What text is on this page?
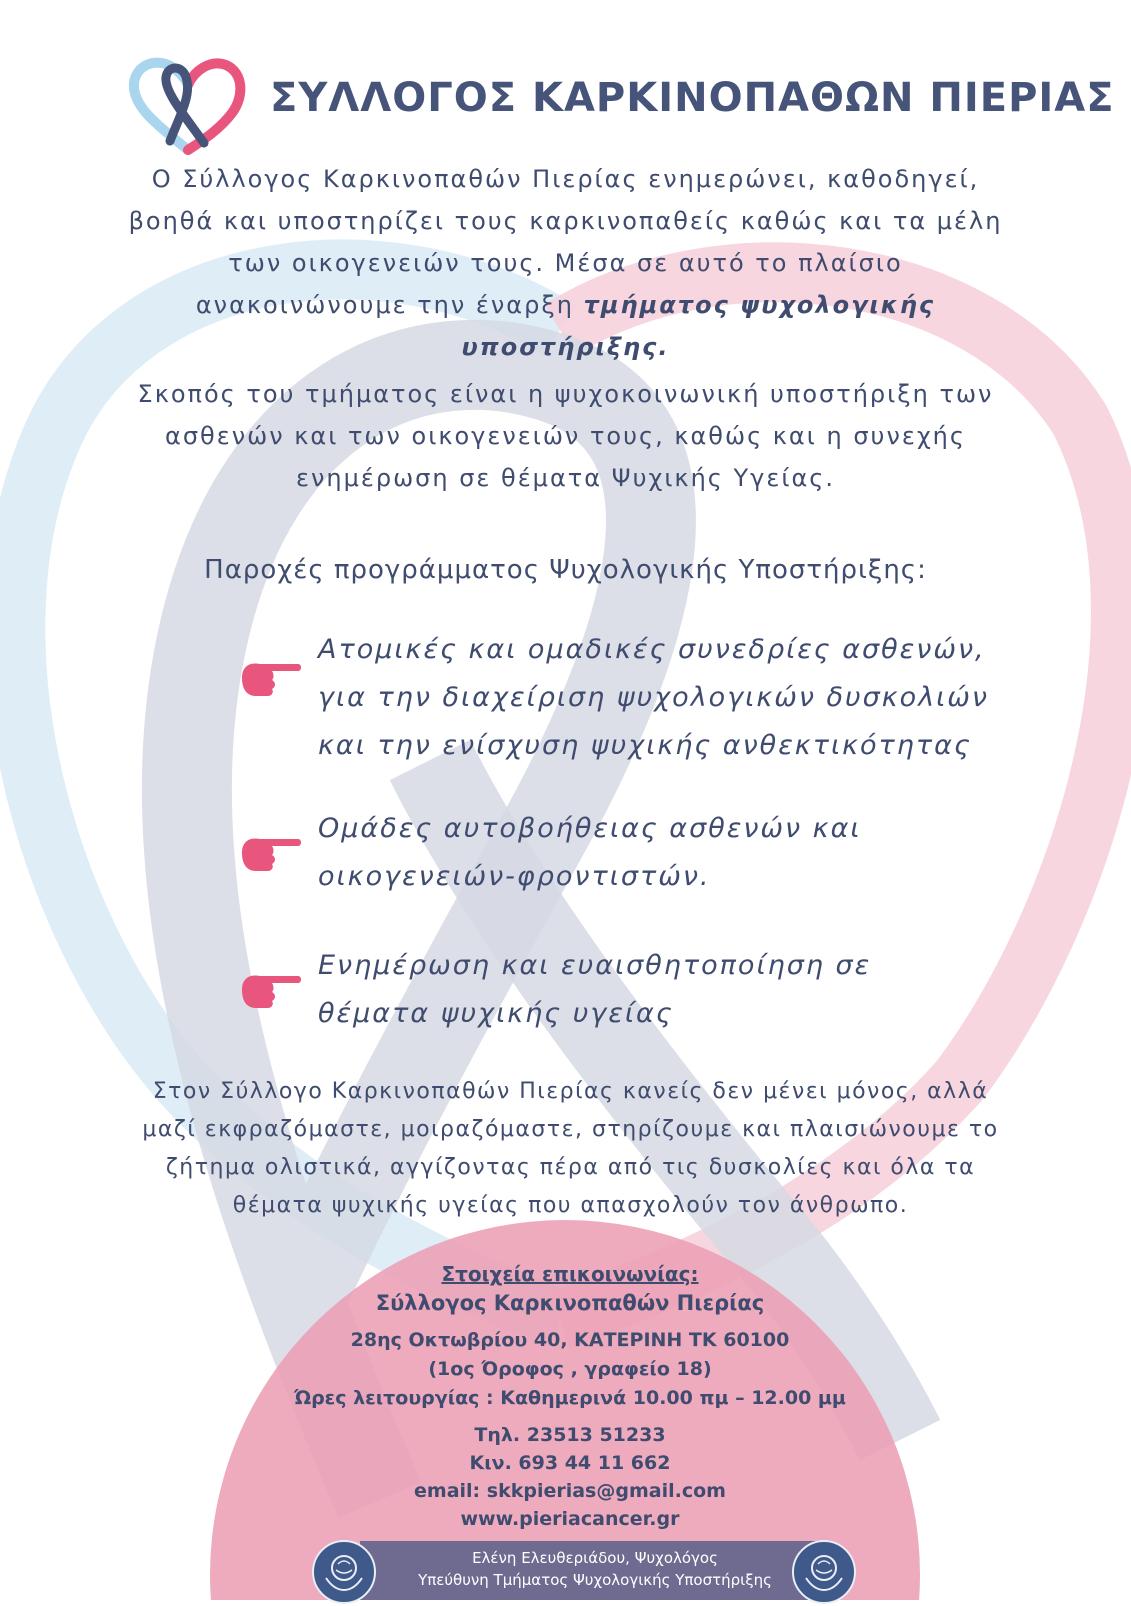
ΣΥΛΛΟΓΟΣ ΚΑΡΚΙΝΟΠΑΘΩΝ ΠΙΕΡΙΑΣ
Ο Σύλλογος Καρκινοπαθών Πιερίας ενημερώνει, καθοδηγεί, βοηθά και υποστηρίζει τους καρκινοπαθείς καθώς και τα μέλη των οικογενειών τους. Μέσα σε αυτό το πλαίσιο ανακοινώνουμε την έναρξη τμήματος ψυχολογικής υποστήριξης.
Σκοπός του τμήματος είναι η ψυχοκοινωνική υποστήριξη των ασθενών και των οικογενειών τους, καθώς και η συνεχής ενημέρωση σε θέματα Ψυχικής Υγείας.
Παροχές προγράμματος Ψυχολογικής Υποστήριξης:
Ατομικές και ομαδικές συνεδρίες ασθενών,
για την διαχείριση ψυχολογικών δυσκολιών
και την ενίσχυση ψυχικής ανθεκτικότητας
Ομάδες αυτοβοήθειας ασθενών και
οικογενειών-φροντιστών.
Ενημέρωση και ευαισθητοποίηση σε
θέματα ψυχικής υγείας
Στον Σύλλογο Καρκινοπαθών Πιερίας κανείς δεν μένει μόνος, αλλά μαζί εκφραζόμαστε, μοιραζόμαστε, στηρίζουμε και πλαισιώνουμε το ζήτημα ολιστικά, αγγίζοντας πέρα από τις δυσκολίες και όλα τα θέματα ψυχικής υγείας που απασχολούν τον άνθρωπο.
Στοιχεία επικοινωνίας:
Σύλλογος Καρκινοπαθών Πιερίας
28ης Οκτωβρίου 40, ΚΑΤΕΡΙΝΗ ΤΚ 60100
(1ος Όροφος , γραφείο 18)
Ώρες λειτουργίας : Καθημερινά 10.00 πμ – 12.00 μμ
Τηλ. 23513 51233
Κιν. 693 44 11 662
email: skkpierias@gmail.com
www.pieriacancer.gr
Ελένη Ελευθεριάδου, Ψυχολόγος
Υπεύθυνη Τμήματος Ψυχολογικής Υποστήριξης
